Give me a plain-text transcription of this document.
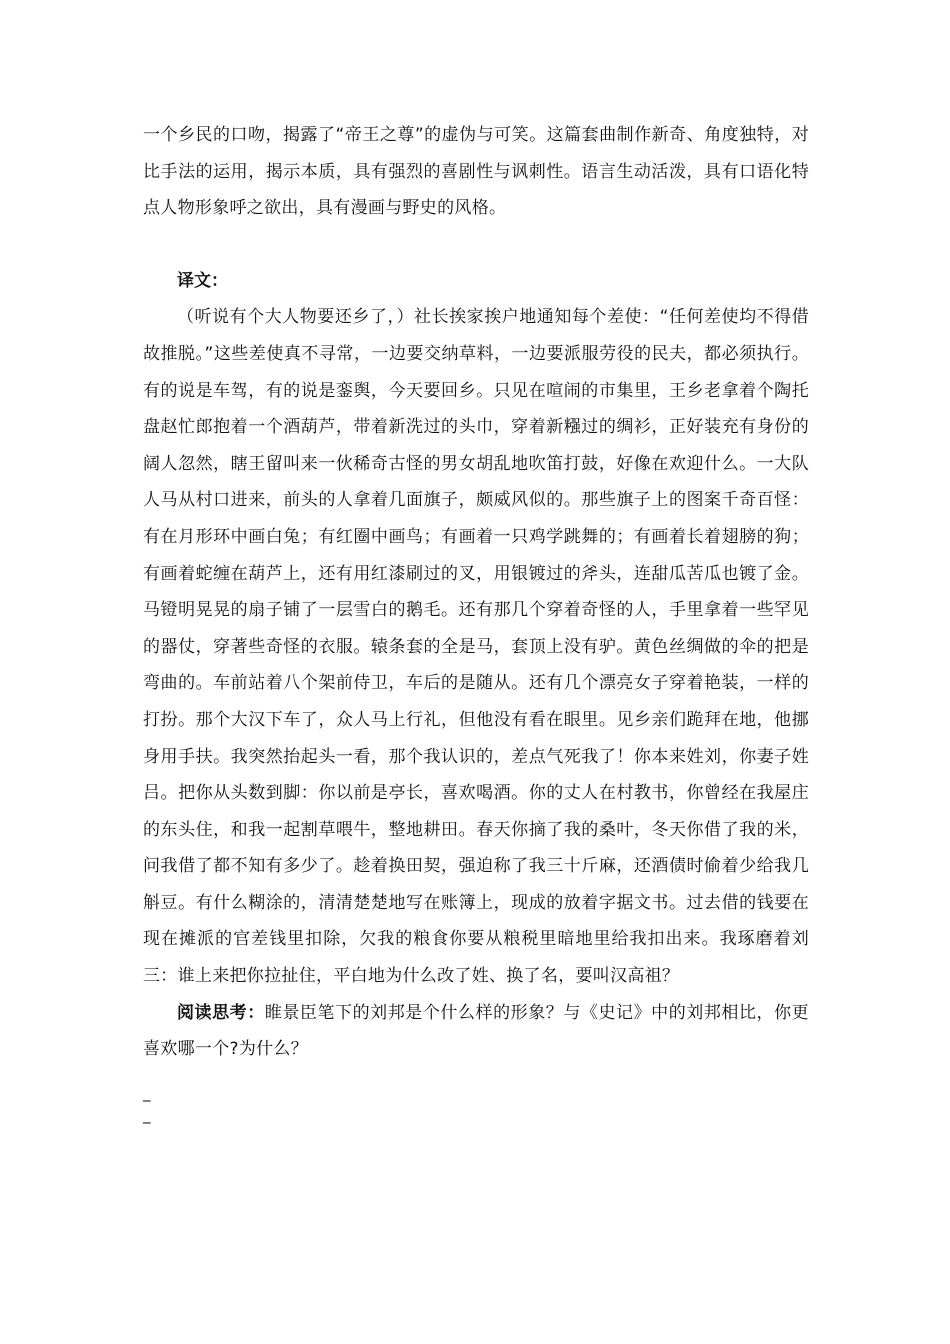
一个乡民的口吻，揭露了“帝王之尊”的虚伪与可笑。这篇套曲制作新奇、角度独特，对比手法的运用，揭示本质，具有强烈的喜剧性与讽刺性。语言生动活泼，具有口语化特点人物形象呼之欲出，具有漫画与野史的风格。

译文：

（听说有个大人物要还乡了，）社长挨家挨户地通知每个差使：“任何差使均不得借故推脱。”这些差使真不寻常，一边要交纳草料，一边要派服劳役的民夫，都必须执行。有的说是车驾，有的说是銮舆，今天要回乡。只见在喧闹的市集里，王乡老拿着个陶托盘赵忙郎抱着一个酒葫芦，带着新洗过的头巾，穿着新糨过的绸衫，正好装充有身份的阔人忽然，瞎王留叫来一伙稀奇古怪的男女胡乱地吹笛打鼓，好像在欢迎什么。一大队人马从村口进来，前头的人拿着几面旗子，颇威风似的。那些旗子上的图案千奇百怪：有在月形环中画白兔；有红圈中画鸟；有画着一只鸡学跳舞的；有画着长着翅膀的狗；有画着蛇缠在葫芦上，还有用红漆刷过的叉，用银镀过的斧头，连甜瓜苦瓜也镀了金。马镫明晃晃的扇子铺了一层雪白的鹅毛。还有那几个穿着奇怪的人，手里拿着一些罕见的器仗，穿著些奇怪的衣服。辕条套的全是马，套顶上没有驴。黄色丝绸做的伞的把是弯曲的。车前站着八个架前侍卫，车后的是随从。还有几个漂亮女子穿着艳装，一样的打扮。那个大汉下车了，众人马上行礼，但他没有看在眼里。见乡亲们跪拜在地，他挪身用手扶。我突然抬起头一看，那个我认识的，差点气死我了！你本来姓刘，你妻子姓吕。把你从头数到脚：你以前是亭长，喜欢喝酒。你的丈人在村教书，你曾经在我屋庄的东头住，和我一起割草喂牛，整地耕田。春天你摘了我的桑叶，冬天你借了我的米，问我借了都不知有多少了。趁着换田契，强迫称了我三十斤麻，还酒债时偷着少给我几斛豆。有什么糊涂的，清清楚楚地写在账簿上，现成的放着字据文书。过去借的钱要在现在摊派的官差钱里扣除，欠我的粮食你要从粮税里暗地里给我扣出来。我琢磨着刘三：谁上来把你拉扯住，平白地为什么改了姓、换了名，要叫汉高祖？

阅读思考：睢景臣笔下的刘邦是个什么样的形象？与《史记》中的刘邦相比，你更喜欢哪一个?为什么？

_

_
